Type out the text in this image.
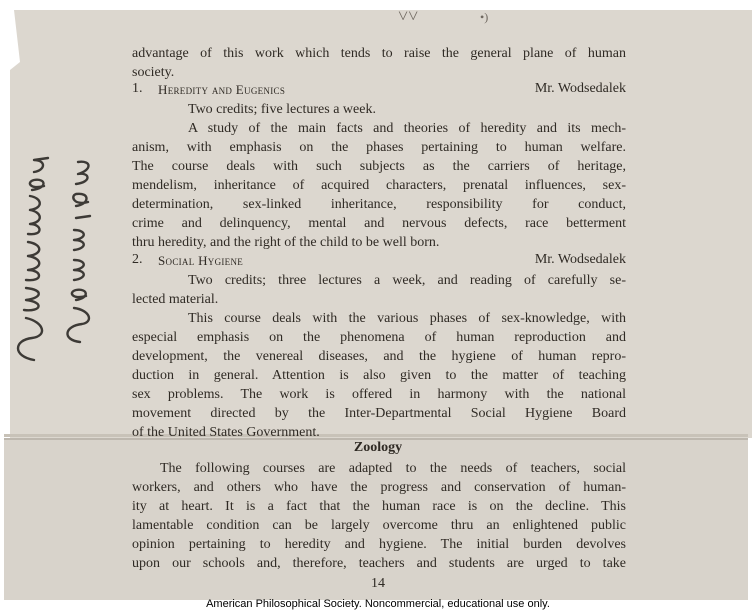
˅˅	•)
advantage of this work which tends to raise the general plane of human
society.
1.	Heredity and Eugenics	Mr. Wodsedalek
Two credits; five lectures a week.
A study of the main facts and theories of heredity and its mech-
anism, with emphasis on the phases pertaining to human welfare.
The course deals with such subjects as the carriers of heritage,
mendelism, inheritance of acquired characters, prenatal influences, sex-
determination, sex-linked inheritance, responsibility for conduct,
crime and delinquency, mental and nervous defects, race betterment
thru heredity, and the right of the child to be well born.
2.	Social Hygiene	Mr. Wodsedalek
Two credits; three lectures a week, and reading of carefully se-
lected material.
This course deals with the various phases of sex-knowledge, with
especial emphasis on the phenomena of human reproduction and
development, the venereal diseases, and the hygiene of human repro-
duction in general. Attention is also given to the matter of teaching
sex problems. The work is offered in harmony with the national
movement directed by the Inter-Departmental Social Hygiene Board
of the United States Government.
Zoology
The following courses are adapted to the needs of teachers, social
workers, and others who have the progress and conservation of human-
ity at heart. It is a fact that the human race is on the decline. This
lamentable condition can be largely overcome thru an enlightened public
opinion pertaining to heredity and hygiene. The initial burden devolves
upon our schools and, therefore, teachers and students are urged to take
14
American Philosophical Society. Noncommercial, educational use only.
